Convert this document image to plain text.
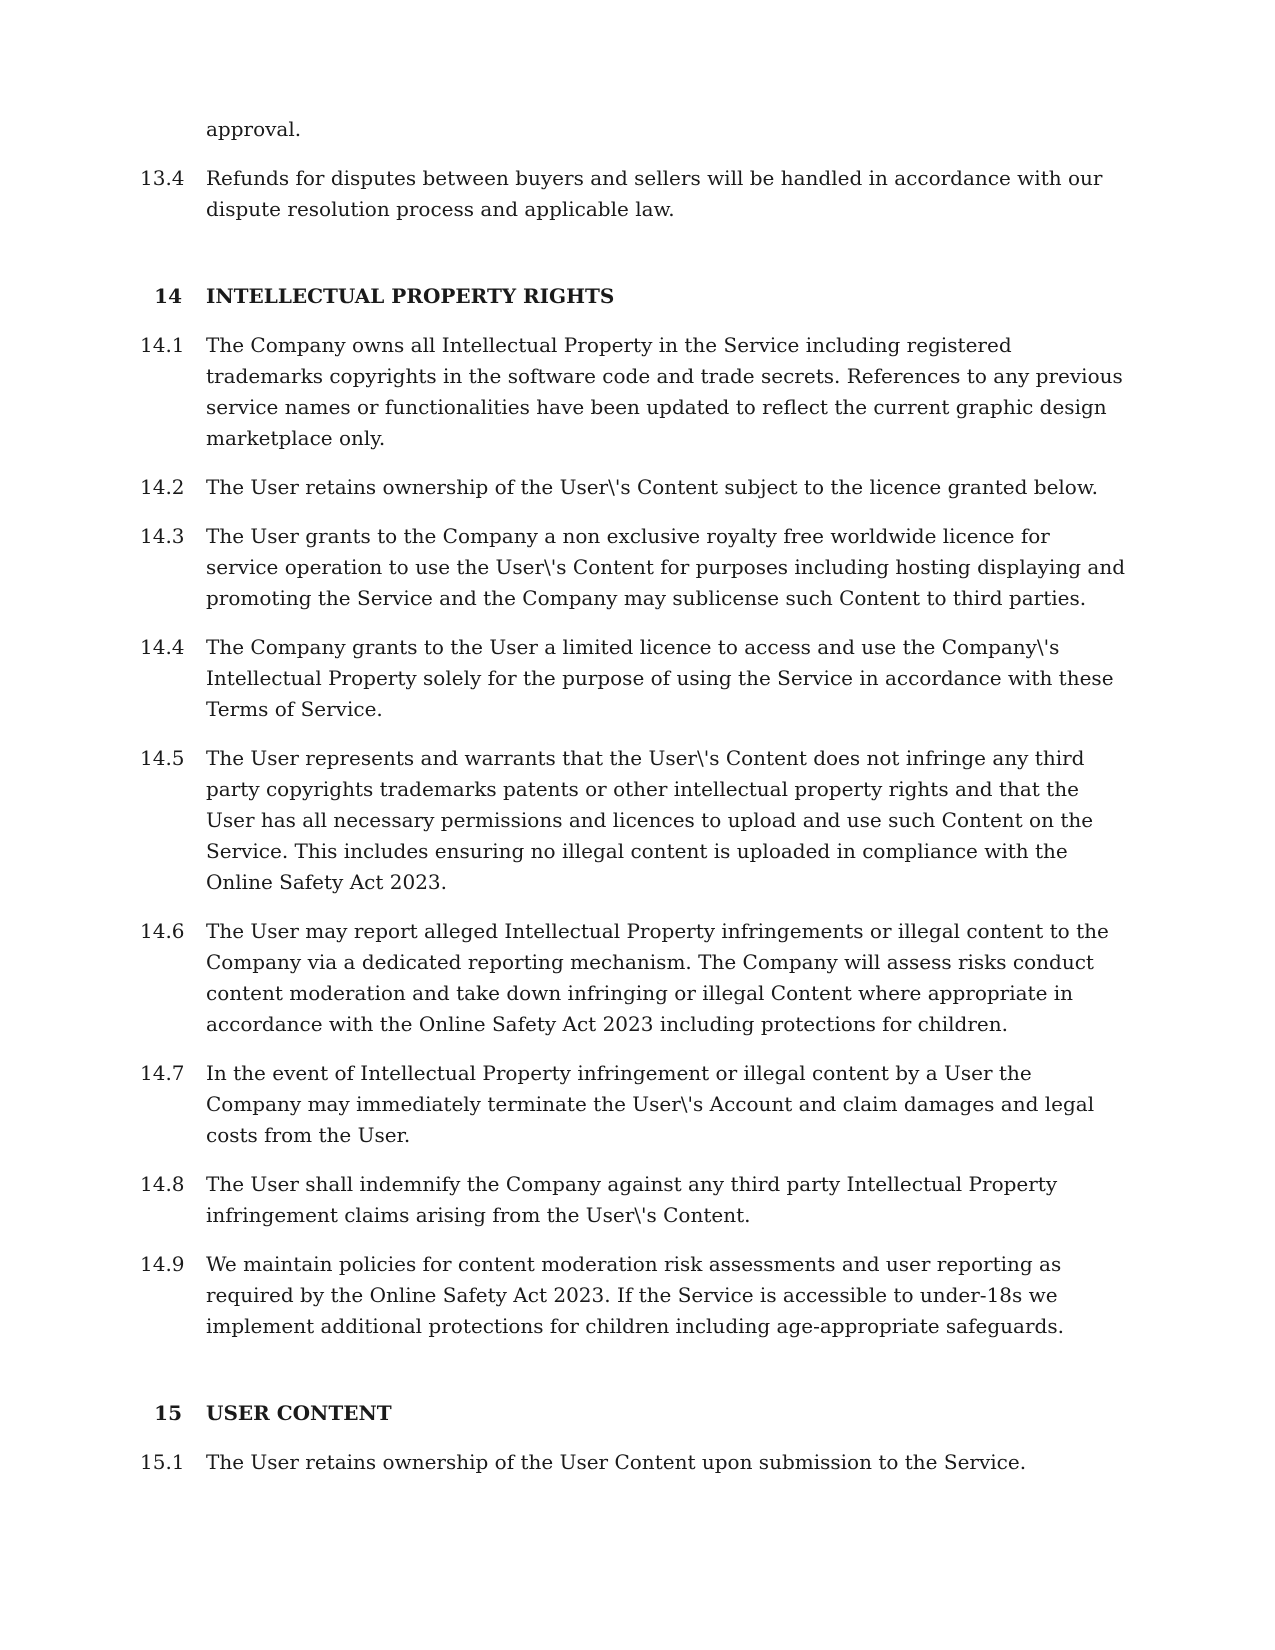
approval.
13.4	Refunds for disputes between buyers and sellers will be handled in accordance with our dispute resolution process and applicable law.
14	INTELLECTUAL PROPERTY RIGHTS
14.1	The Company owns all Intellectual Property in the Service including registered trademarks copyrights in the software code and trade secrets. References to any previous service names or functionalities have been updated to reflect the current graphic design marketplace only.
14.2	The User retains ownership of the User\'s Content subject to the licence granted below.
14.3	The User grants to the Company a non exclusive royalty free worldwide licence for service operation to use the User\'s Content for purposes including hosting displaying and promoting the Service and the Company may sublicense such Content to third parties.
14.4	The Company grants to the User a limited licence to access and use the Company\'s Intellectual Property solely for the purpose of using the Service in accordance with these Terms of Service.
14.5	The User represents and warrants that the User\'s Content does not infringe any third party copyrights trademarks patents or other intellectual property rights and that the User has all necessary permissions and licences to upload and use such Content on the Service. This includes ensuring no illegal content is uploaded in compliance with the Online Safety Act 2023.
14.6	The User may report alleged Intellectual Property infringements or illegal content to the Company via a dedicated reporting mechanism. The Company will assess risks conduct content moderation and take down infringing or illegal Content where appropriate in accordance with the Online Safety Act 2023 including protections for children.
14.7	In the event of Intellectual Property infringement or illegal content by a User the Company may immediately terminate the User\'s Account and claim damages and legal costs from the User.
14.8	The User shall indemnify the Company against any third party Intellectual Property infringement claims arising from the User\'s Content.
14.9	We maintain policies for content moderation risk assessments and user reporting as required by the Online Safety Act 2023. If the Service is accessible to under-18s we implement additional protections for children including age-appropriate safeguards.
15	USER CONTENT
15.1	The User retains ownership of the User Content upon submission to the Service.
